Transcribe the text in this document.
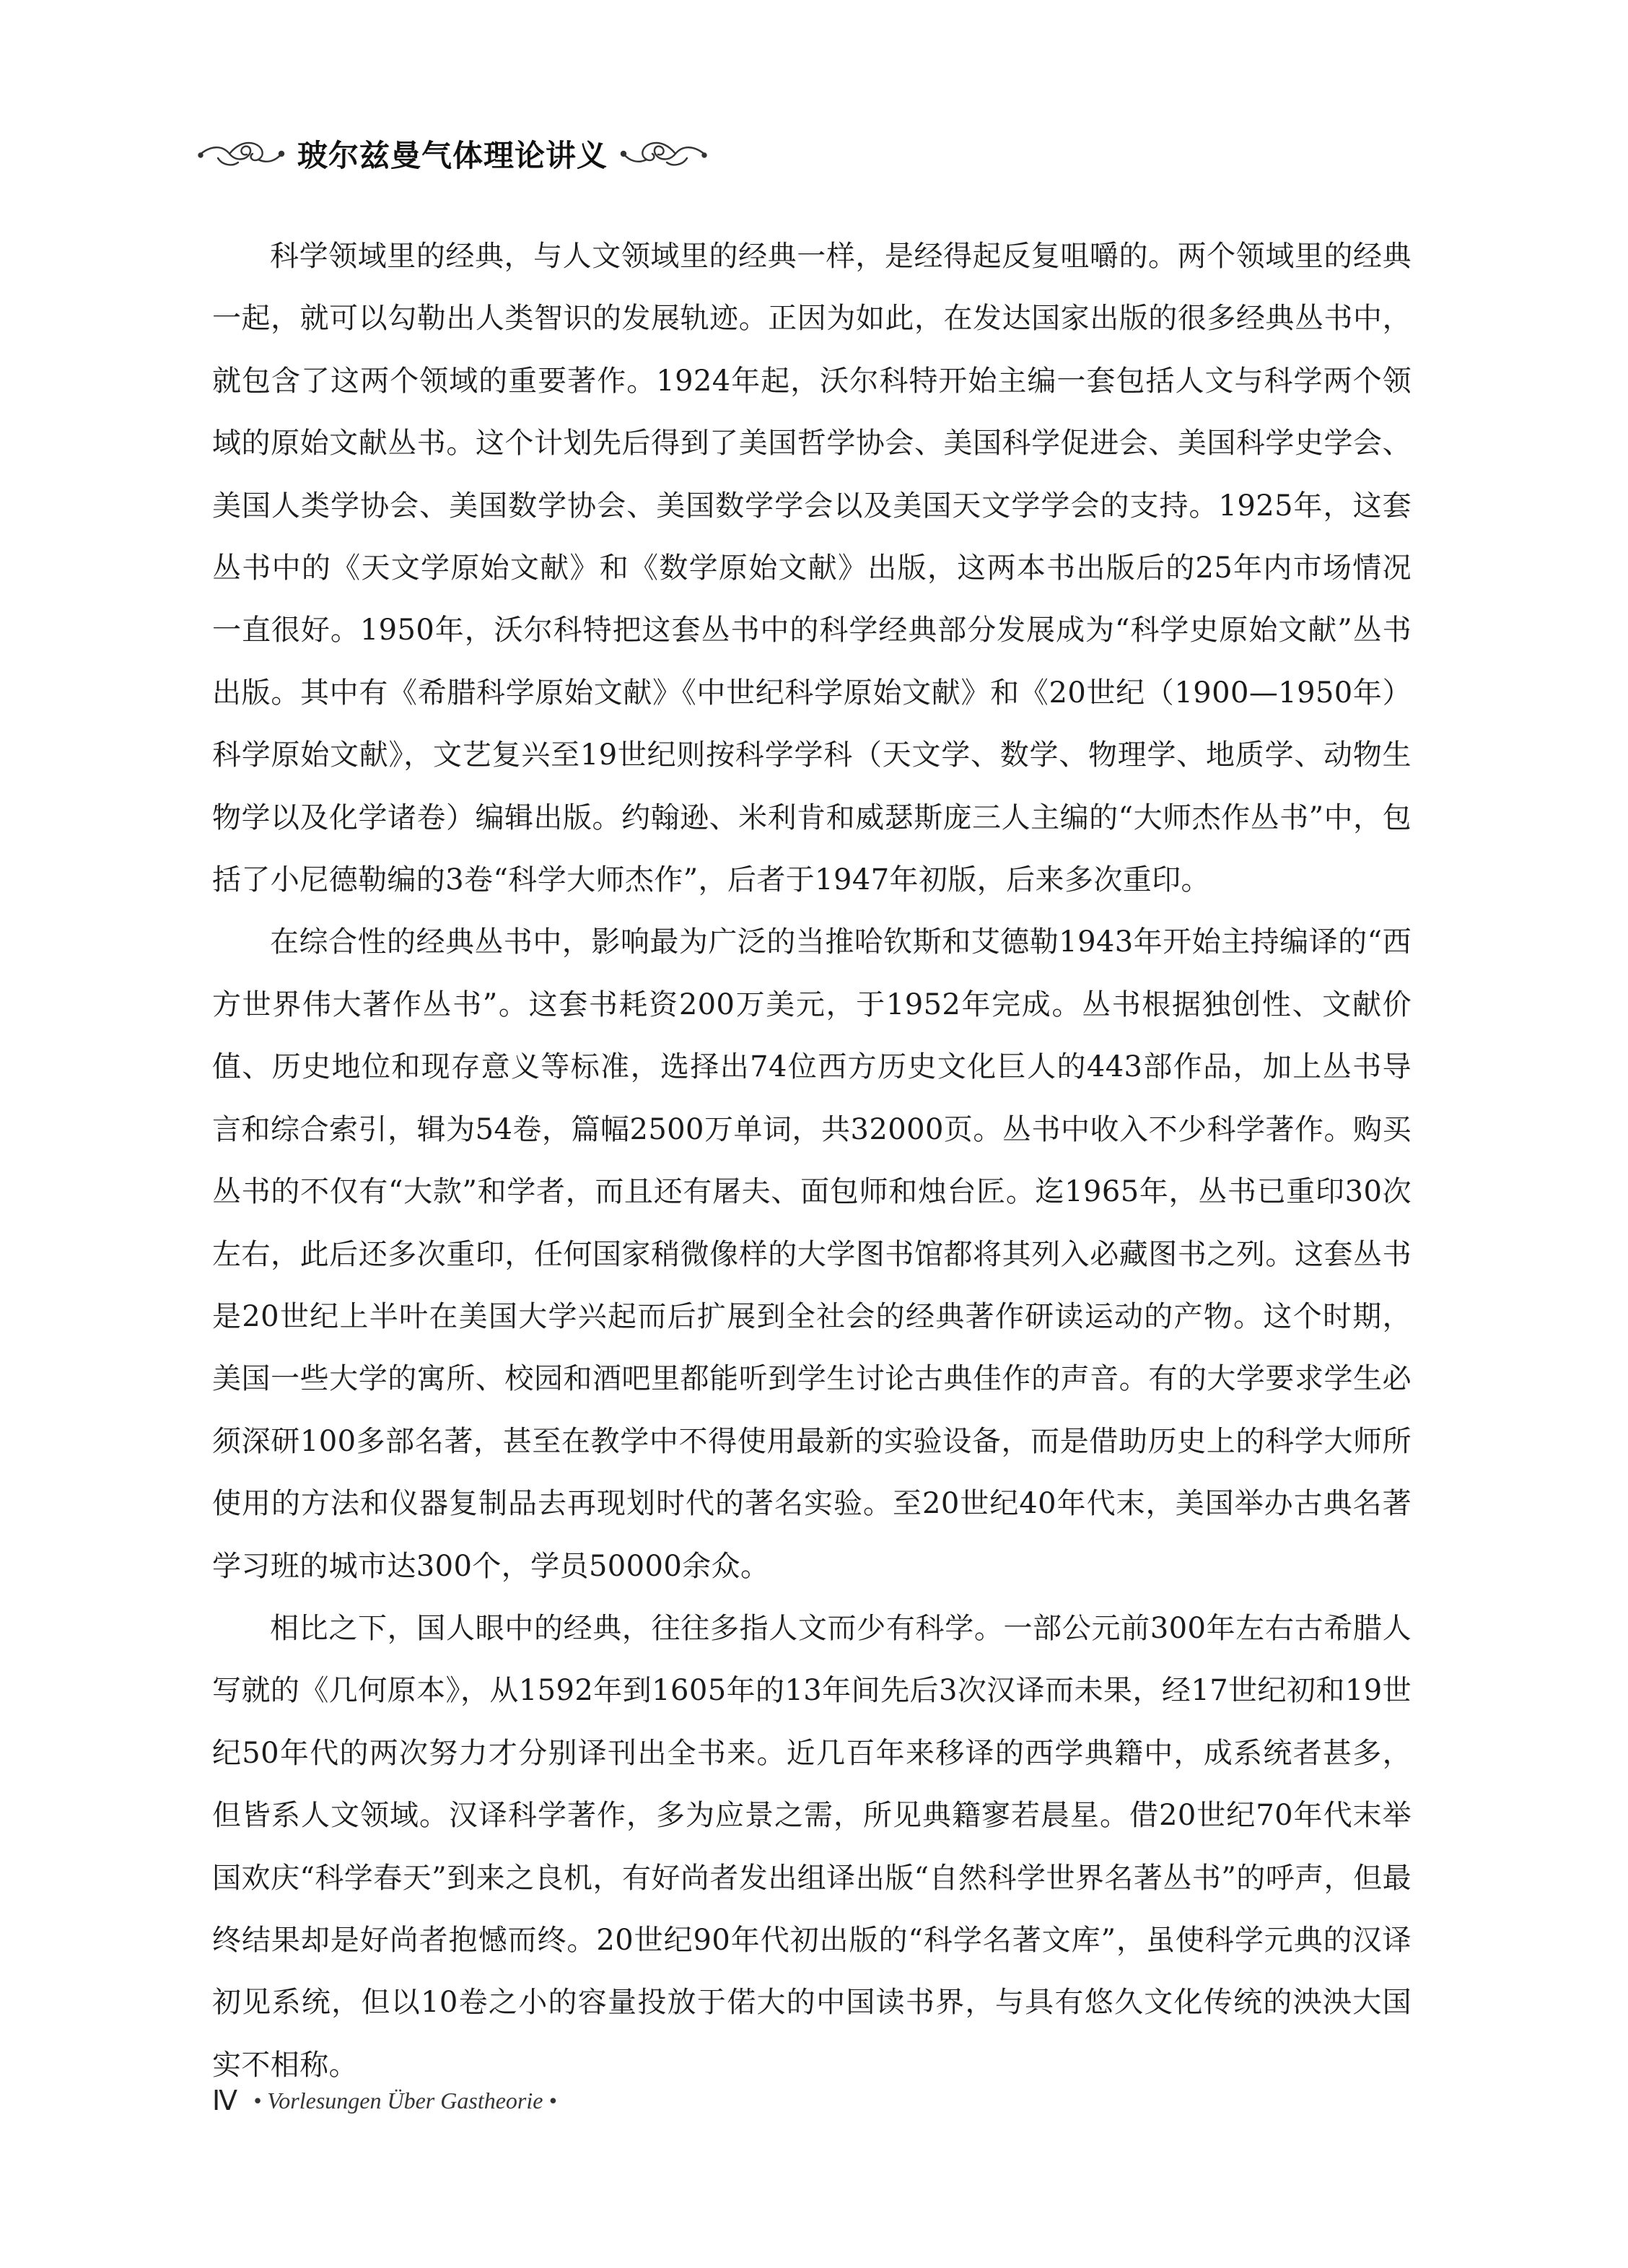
玻尔兹曼气体理论讲义

科学领域里的经典，与人文领域里的经典一样，是经得起反复咀嚼的。两个领域里的经典一起，就可以勾勒出人类智识的发展轨迹。正因为如此，在发达国家出版的很多经典丛书中，就包含了这两个领域的重要著作。1924年起，沃尔科特开始主编一套包括人文与科学两个领域的原始文献丛书。这个计划先后得到了美国哲学协会、美国科学促进会、美国科学史学会、美国人类学协会、美国数学协会、美国数学学会以及美国天文学学会的支持。1925年，这套丛书中的《天文学原始文献》和《数学原始文献》出版，这两本书出版后的25年内市场情况一直很好。1950年，沃尔科特把这套丛书中的科学经典部分发展成为“科学史原始文献”丛书出版。其中有《希腊科学原始文献》《中世纪科学原始文献》和《20世纪（1900—1950年）科学原始文献》，文艺复兴至19世纪则按科学学科（天文学、数学、物理学、地质学、动物生物学以及化学诸卷）编辑出版。约翰逊、米利肯和威瑟斯庞三人主编的“大师杰作丛书”中，包括了小尼德勒编的3卷“科学大师杰作”，后者于1947年初版，后来多次重印。

在综合性的经典丛书中，影响最为广泛的当推哈钦斯和艾德勒1943年开始主持编译的“西方世界伟大著作丛书”。这套书耗资200万美元，于1952年完成。丛书根据独创性、文献价值、历史地位和现存意义等标准，选择出74位西方历史文化巨人的443部作品，加上丛书导言和综合索引，辑为54卷，篇幅2500万单词，共32000页。丛书中收入不少科学著作。购买丛书的不仅有“大款”和学者，而且还有屠夫、面包师和烛台匠。迄1965年，丛书已重印30次左右，此后还多次重印，任何国家稍微像样的大学图书馆都将其列入必藏图书之列。这套丛书是20世纪上半叶在美国大学兴起而后扩展到全社会的经典著作研读运动的产物。这个时期，美国一些大学的寓所、校园和酒吧里都能听到学生讨论古典佳作的声音。有的大学要求学生必须深研100多部名著，甚至在教学中不得使用最新的实验设备，而是借助历史上的科学大师所使用的方法和仪器复制品去再现划时代的著名实验。至20世纪40年代末，美国举办古典名著学习班的城市达300个，学员50000余众。

相比之下，国人眼中的经典，往往多指人文而少有科学。一部公元前300年左右古希腊人写就的《几何原本》，从1592年到1605年的13年间先后3次汉译而未果，经17世纪初和19世纪50年代的两次努力才分别译刊出全书来。近几百年来移译的西学典籍中，成系统者甚多，但皆系人文领域。汉译科学著作，多为应景之需，所见典籍寥若晨星。借20世纪70年代末举国欢庆“科学春天”到来之良机，有好尚者发出组译出版“自然科学世界名著丛书”的呼声，但最终结果却是好尚者抱憾而终。20世纪90年代初出版的“科学名著文库”，虽使科学元典的汉译初见系统，但以10卷之小的容量投放于偌大的中国读书界，与具有悠久文化传统的泱泱大国实不相称。

Ⅳ • Vorlesungen Über Gastheorie •
